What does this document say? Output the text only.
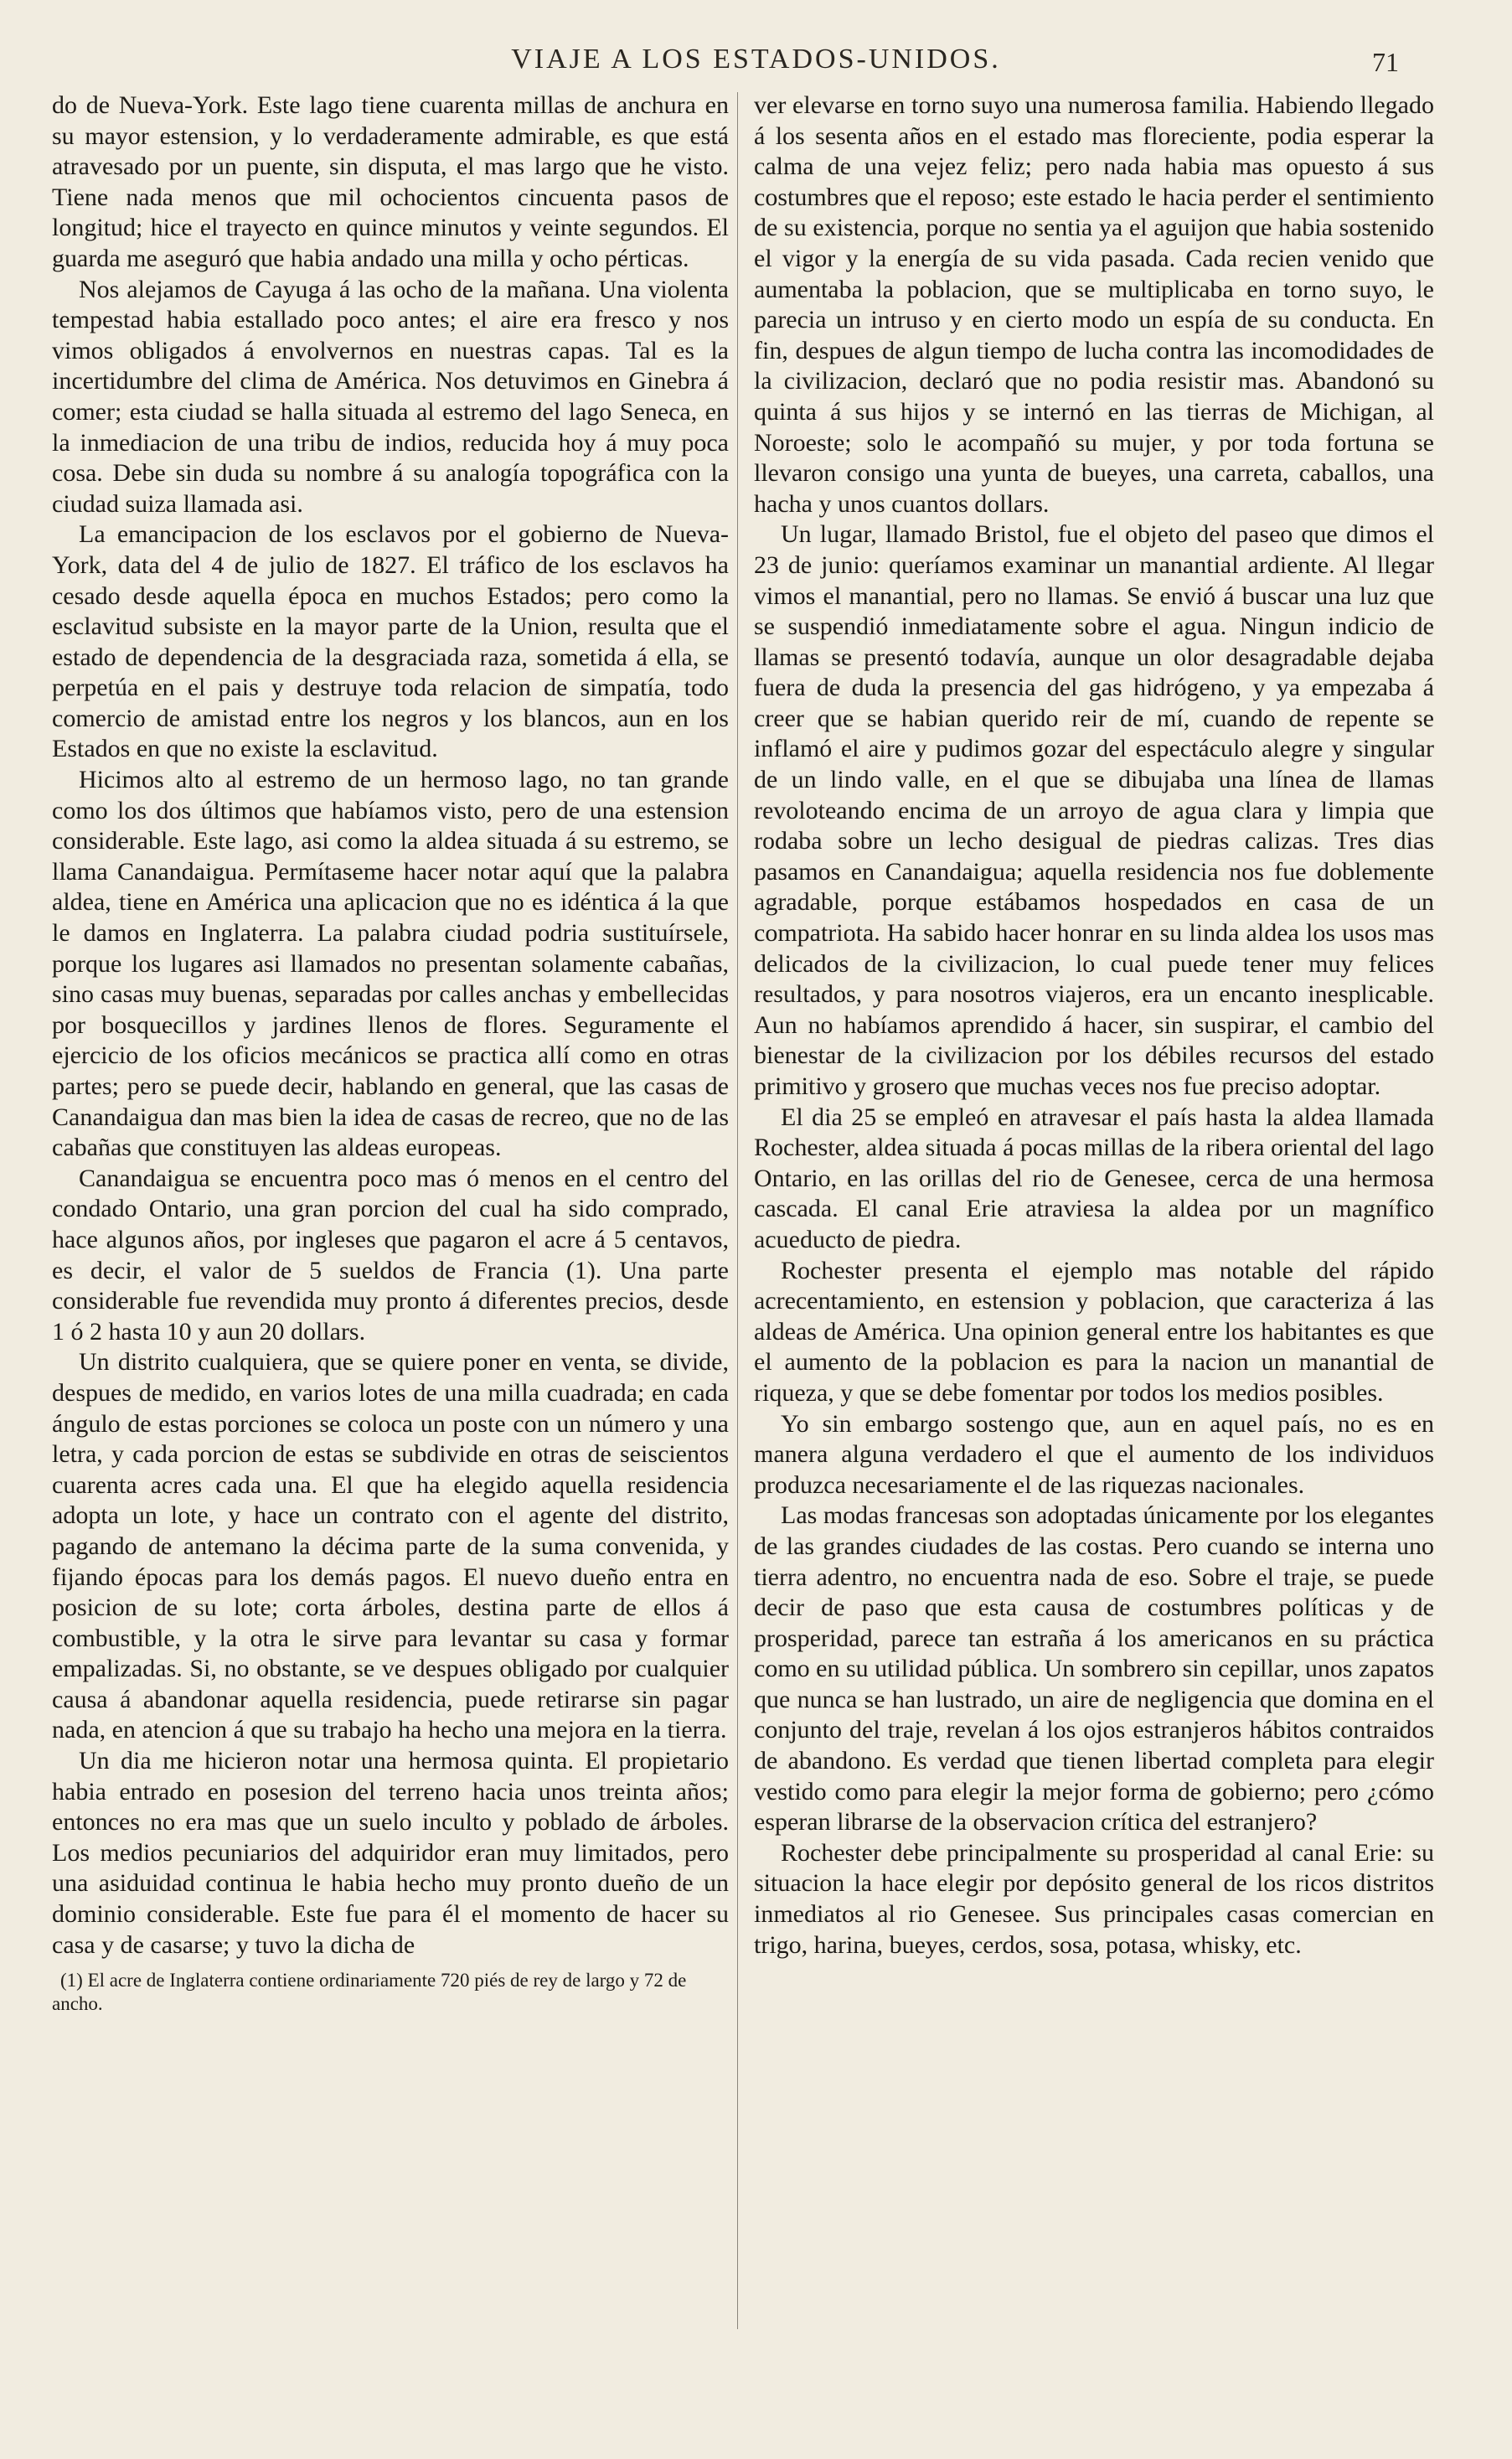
VIAJE A LOS ESTADOS-UNIDOS.	71

do de Nueva-York. Este lago tiene cuarenta millas de anchura en su mayor estension, y lo verdaderamente admirable, es que está atravesado por un puente, sin disputa, el mas largo que he visto. Tiene nada menos que mil ochocientos cincuenta pasos de longitud; hice el trayecto en quince minutos y veinte segundos. El guarda me aseguró que habia andado una milla y ocho pérticas.

Nos alejamos de Cayuga á las ocho de la mañana. Una violenta tempestad habia estallado poco antes; el aire era fresco y nos vimos obligados á envolvernos en nuestras capas. Tal es la incertidumbre del clima de América. Nos detuvimos en Ginebra á comer; esta ciudad se halla situada al estremo del lago Seneca, en la inmediacion de una tribu de indios, reducida hoy á muy poca cosa. Debe sin duda su nombre á su analogía topográfica con la ciudad suiza llamada asi.

La emancipacion de los esclavos por el gobierno de Nueva-York, data del 4 de julio de 1827. El tráfico de los esclavos ha cesado desde aquella época en muchos Estados; pero como la esclavitud subsiste en la mayor parte de la Union, resulta que el estado de dependencia de la desgraciada raza, sometida á ella, se perpetúa en el pais y destruye toda relacion de simpatía, todo comercio de amistad entre los negros y los blancos, aun en los Estados en que no existe la esclavitud.

Hicimos alto al estremo de un hermoso lago, no tan grande como los dos últimos que habíamos visto, pero de una estension considerable. Este lago, asi como la aldea situada á su estremo, se llama Canandaigua. Permítaseme hacer notar aquí que la palabra aldea, tiene en América una aplicacion que no es idéntica á la que le damos en Inglaterra. La palabra ciudad podria sustituírsele, porque los lugares asi llamados no presentan solamente cabañas, sino casas muy buenas, separadas por calles anchas y embellecidas por bosquecillos y jardines llenos de flores. Seguramente el ejercicio de los oficios mecánicos se practica allí como en otras partes; pero se puede decir, hablando en general, que las casas de Canandaigua dan mas bien la idea de casas de recreo, que no de las cabañas que constituyen las aldeas europeas.

Canandaigua se encuentra poco mas ó menos en el centro del condado Ontario, una gran porcion del cual ha sido comprado, hace algunos años, por ingleses que pagaron el acre á 5 centavos, es decir, el valor de 5 sueldos de Francia (1). Una parte considerable fue revendida muy pronto á diferentes precios, desde 1 ó 2 hasta 10 y aun 20 dollars.

Un distrito cualquiera, que se quiere poner en venta, se divide, despues de medido, en varios lotes de una milla cuadrada; en cada ángulo de estas porciones se coloca un poste con un número y una letra, y cada porcion de estas se subdivide en otras de seiscientos cuarenta acres cada una. El que ha elegido aquella residencia adopta un lote, y hace un contrato con el agente del distrito, pagando de antemano la décima parte de la suma convenida, y fijando épocas para los demás pagos. El nuevo dueño entra en posicion de su lote; corta árboles, destina parte de ellos á combustible, y la otra le sirve para levantar su casa y formar empalizadas. Si, no obstante, se ve despues obligado por cualquier causa á abandonar aquella residencia, puede retirarse sin pagar nada, en atencion á que su trabajo ha hecho una mejora en la tierra.

Un dia me hicieron notar una hermosa quinta. El propietario habia entrado en posesion del terreno hacia unos treinta años; entonces no era mas que un suelo inculto y poblado de árboles. Los medios pecuniarios del adquiridor eran muy limitados, pero una asiduidad continua le habia hecho muy pronto dueño de un dominio considerable. Este fue para él el momento de hacer su casa y de casarse; y tuvo la dicha de

(1) El acre de Inglaterra contiene ordinariamente 720 piés de rey de largo y 72 de ancho.

ver elevarse en torno suyo una numerosa familia. Habiendo llegado á los sesenta años en el estado mas floreciente, podia esperar la calma de una vejez feliz; pero nada habia mas opuesto á sus costumbres que el reposo; este estado le hacia perder el sentimiento de su existencia, porque no sentia ya el aguijon que habia sostenido el vigor y la energía de su vida pasada. Cada recien venido que aumentaba la poblacion, que se multiplicaba en torno suyo, le parecia un intruso y en cierto modo un espía de su conducta. En fin, despues de algun tiempo de lucha contra las incomodidades de la civilizacion, declaró que no podia resistir mas. Abandonó su quinta á sus hijos y se internó en las tierras de Michigan, al Noroeste; solo le acompañó su mujer, y por toda fortuna se llevaron consigo una yunta de bueyes, una carreta, caballos, una hacha y unos cuantos dollars.

Un lugar, llamado Bristol, fue el objeto del paseo que dimos el 23 de junio: queríamos examinar un manantial ardiente. Al llegar vimos el manantial, pero no llamas. Se envió á buscar una luz que se suspendió inmediatamente sobre el agua. Ningun indicio de llamas se presentó todavía, aunque un olor desagradable dejaba fuera de duda la presencia del gas hidrógeno, y ya empezaba á creer que se habian querido reir de mí, cuando de repente se inflamó el aire y pudimos gozar del espectáculo alegre y singular de un lindo valle, en el que se dibujaba una línea de llamas revoloteando encima de un arroyo de agua clara y limpia que rodaba sobre un lecho desigual de piedras calizas. Tres dias pasamos en Canandaigua; aquella residencia nos fue doblemente agradable, porque estábamos hospedados en casa de un compatriota. Ha sabido hacer honrar en su linda aldea los usos mas delicados de la civilizacion, lo cual puede tener muy felices resultados, y para nosotros viajeros, era un encanto inesplicable. Aun no habíamos aprendido á hacer, sin suspirar, el cambio del bienestar de la civilizacion por los débiles recursos del estado primitivo y grosero que muchas veces nos fue preciso adoptar.

El dia 25 se empleó en atravesar el país hasta la aldea llamada Rochester, aldea situada á pocas millas de la ribera oriental del lago Ontario, en las orillas del rio de Genesee, cerca de una hermosa cascada. El canal Erie atraviesa la aldea por un magnífico acueducto de piedra.

Rochester presenta el ejemplo mas notable del rápido acrecentamiento, en estension y poblacion, que caracteriza á las aldeas de América. Una opinion general entre los habitantes es que el aumento de la poblacion es para la nacion un manantial de riqueza, y que se debe fomentar por todos los medios posibles.

Yo sin embargo sostengo que, aun en aquel país, no es en manera alguna verdadero el que el aumento de los individuos produzca necesariamente el de las riquezas nacionales.

Las modas francesas son adoptadas únicamente por los elegantes de las grandes ciudades de las costas. Pero cuando se interna uno tierra adentro, no encuentra nada de eso. Sobre el traje, se puede decir de paso que esta causa de costumbres políticas y de prosperidad, parece tan estraña á los americanos en su práctica como en su utilidad pública. Un sombrero sin cepillar, unos zapatos que nunca se han lustrado, un aire de negligencia que domina en el conjunto del traje, revelan á los ojos estranjeros hábitos contraidos de abandono. Es verdad que tienen libertad completa para elegir vestido como para elegir la mejor forma de gobierno; pero ¿cómo esperan librarse de la observacion crítica del estranjero?

Rochester debe principalmente su prosperidad al canal Erie: su situacion la hace elegir por depósito general de los ricos distritos inmediatos al rio Genesee. Sus principales casas comercian en trigo, harina, bueyes, cerdos, sosa, potasa, whisky, etc.
